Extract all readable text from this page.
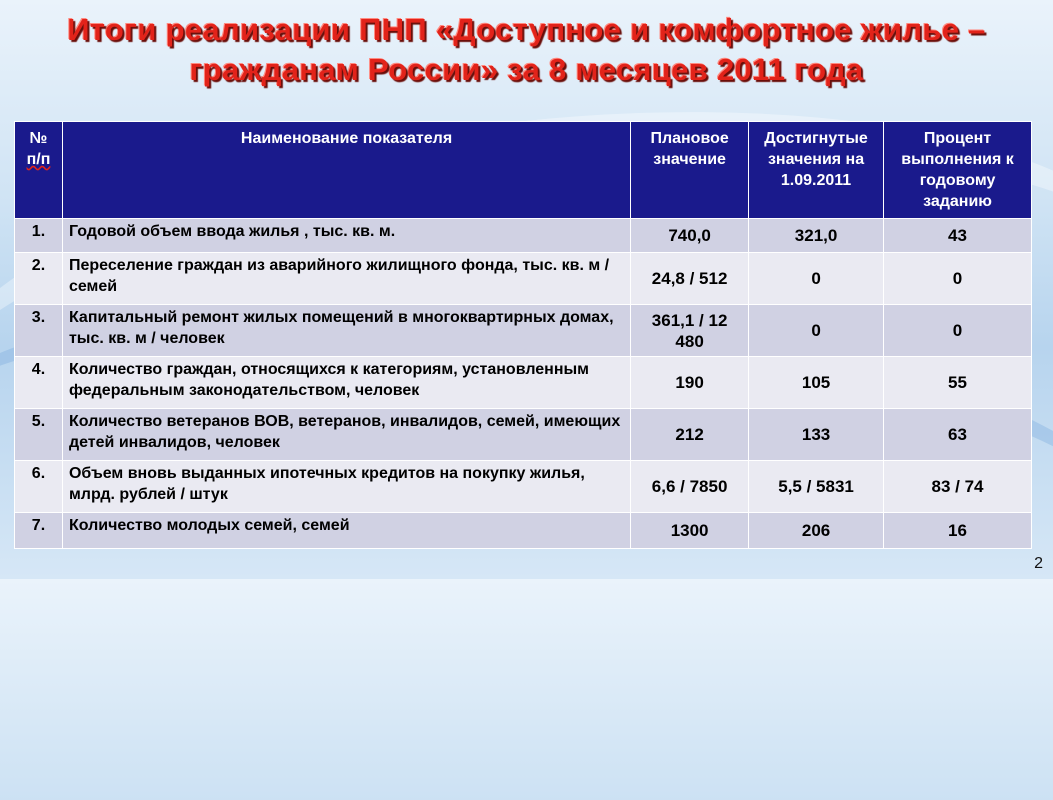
Итоги реализации ПНП «Доступное и комфортное жилье –
гражданам России» за 8 месяцев 2011 года
№
п/п	Наименование показателя	Плановое значение	Достигнутые значения на 1.09.2011	Процент выполнения к годовому заданию
1.	Годовой объем ввода жилья , тыс. кв. м.	740,0	321,0	43
2.	Переселение граждан из аварийного жилищного фонда, тыс. кв. м / семей	24,8 / 512	0	0
3.	Капитальный ремонт жилых помещений в многоквартирных домах, тыс. кв. м / человек	361,1 / 12 480	0	0
4.	Количество граждан, относящихся к категориям, установленным федеральным законодательством, человек	190	105	55
5.	Количество ветеранов ВОВ, ветеранов, инвалидов, семей, имеющих детей инвалидов, человек	212	133	63
6.	Объем вновь выданных ипотечных кредитов на покупку жилья, млрд. рублей / штук	6,6 / 7850	5,5 / 5831	83 / 74
7.	Количество молодых семей, семей	1300	206	16
2
